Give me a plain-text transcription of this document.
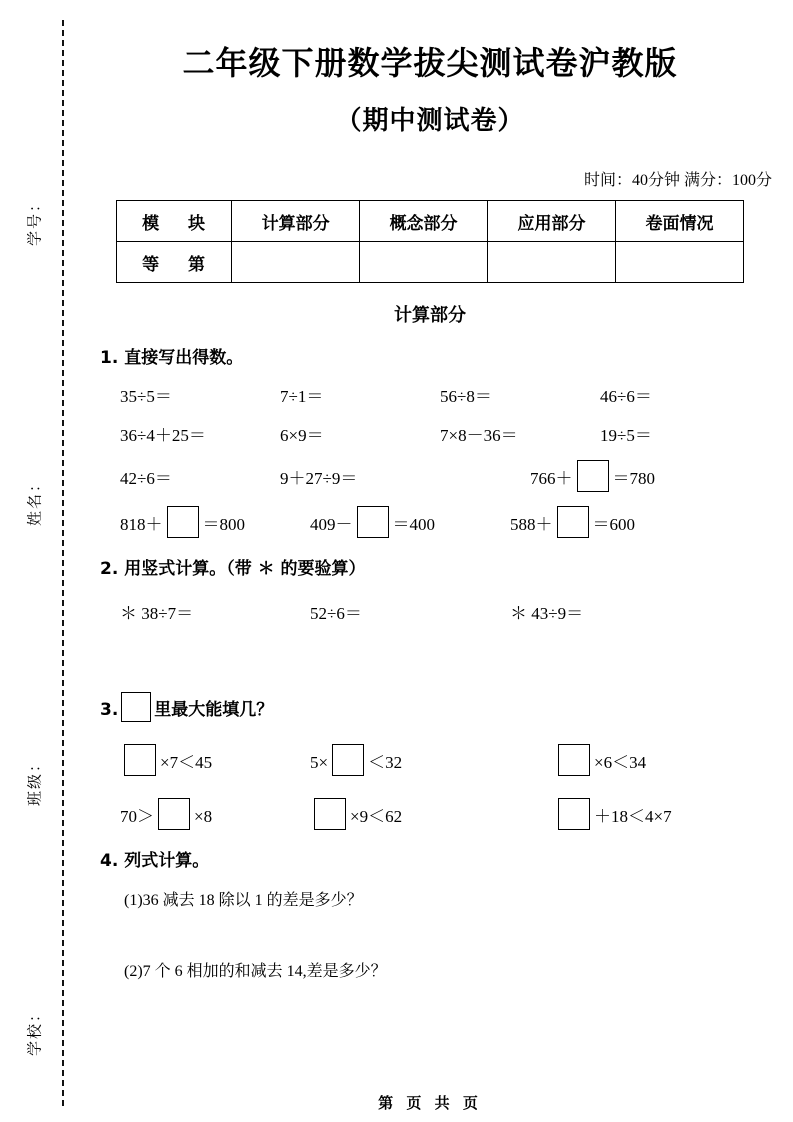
学号：
姓名：
班级：
学校：
二年级下册数学拔尖测试卷沪教版
（期中测试卷）
时间：40分钟 满分：100分
模　块	计算部分	概念部分	应用部分	卷面情况
等　第				
计算部分
1. 直接写出得数。
35÷5＝	7÷1＝	56÷8＝	46÷6＝
36÷4＋25＝	6×9＝	7×8－36＝	19÷5＝
42÷6＝	9＋27÷9＝	766＋ ＝780
818＋ ＝800	409－ ＝400	588＋ ＝600
2. 用竖式计算。（带 ＊ 的要验算）
＊ 38÷7＝	52÷6＝	＊ 43÷9＝
3. 里最大能填几？
×7＜45	5× ＜32	×6＜34
70＞ ×8	×9＜62	＋18＜4×7
4. 列式计算。
(1)36 减去 18 除以 1 的差是多少？
(2)7 个 6 相加的和减去 14,差是多少？
第 页 共 页
